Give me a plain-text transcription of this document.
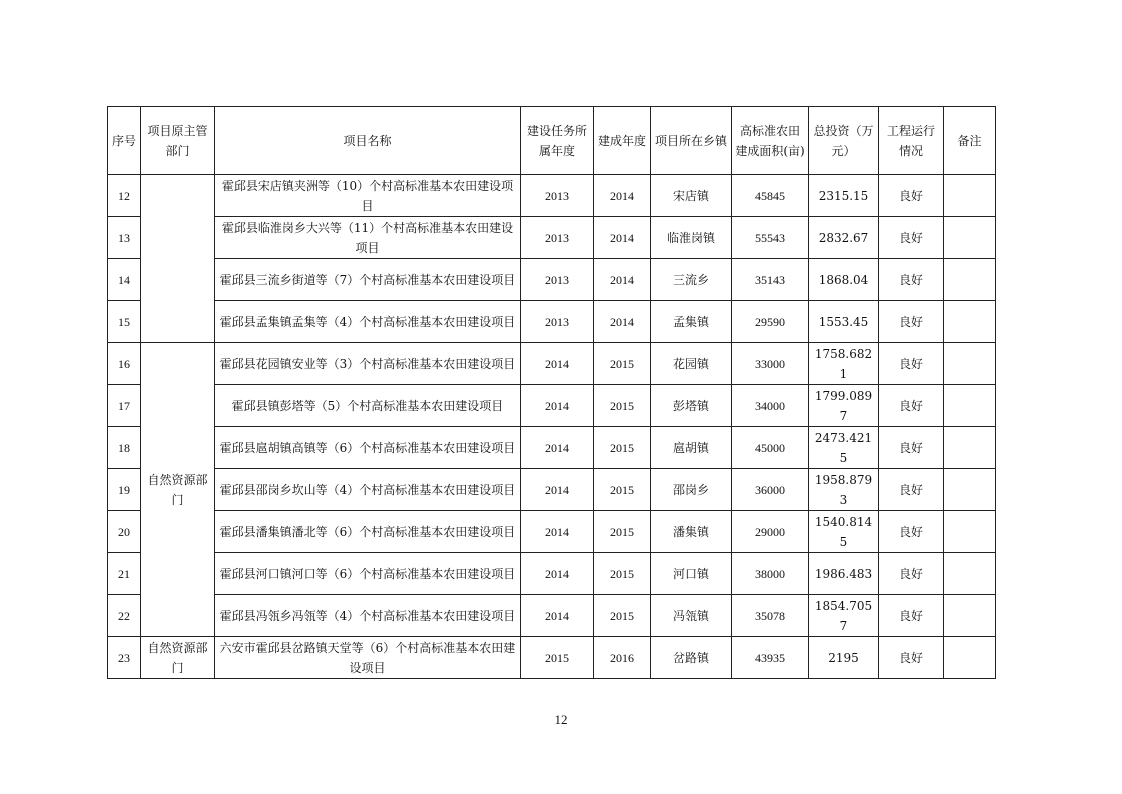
序号	项目原主管部门	项目名称	建设任务所属年度	建成年度	项目所在乡镇	高标准农田建成面积(亩)	总投资（万元）	工程运行情况	备注
12		霍邱县宋店镇夹洲等（10）个村高标准基本农田建设项目	2013	2014	宋店镇	45845	2315.15	良好	
13		霍邱县临淮岗乡大兴等（11）个村高标准基本农田建设项目	2013	2014	临淮岗镇	55543	2832.67	良好	
14		霍邱县三流乡街道等（7）个村高标准基本农田建设项目	2013	2014	三流乡	35143	1868.04	良好	
15		霍邱县孟集镇孟集等（4）个村高标准基本农田建设项目	2013	2014	孟集镇	29590	1553.45	良好	
16	自然资源部门	霍邱县花园镇安业等（3）个村高标准基本农田建设项目	2014	2015	花园镇	33000	1758.6821	良好	
17		霍邱县镇彭塔等（5）个村高标准基本农田建设项目	2014	2015	彭塔镇	34000	1799.0897	良好	
18		霍邱县扈胡镇高镇等（6）个村高标准基本农田建设项目	2014	2015	扈胡镇	45000	2473.4215	良好	
19		霍邱县邵岗乡坎山等（4）个村高标准基本农田建设项目	2014	2015	邵岗乡	36000	1958.8793	良好	
20		霍邱县潘集镇潘北等（6）个村高标准基本农田建设项目	2014	2015	潘集镇	29000	1540.8145	良好	
21		霍邱县河口镇河口等（6）个村高标准基本农田建设项目	2014	2015	河口镇	38000	1986.483	良好	
22		霍邱县冯瓴乡冯瓴等（4）个村高标准基本农田建设项目	2014	2015	冯瓴镇	35078	1854.7057	良好	
23	自然资源部门	六安市霍邱县岔路镇天堂等（6）个村高标准基本农田建设项目	2015	2016	岔路镇	43935	2195	良好	
12
